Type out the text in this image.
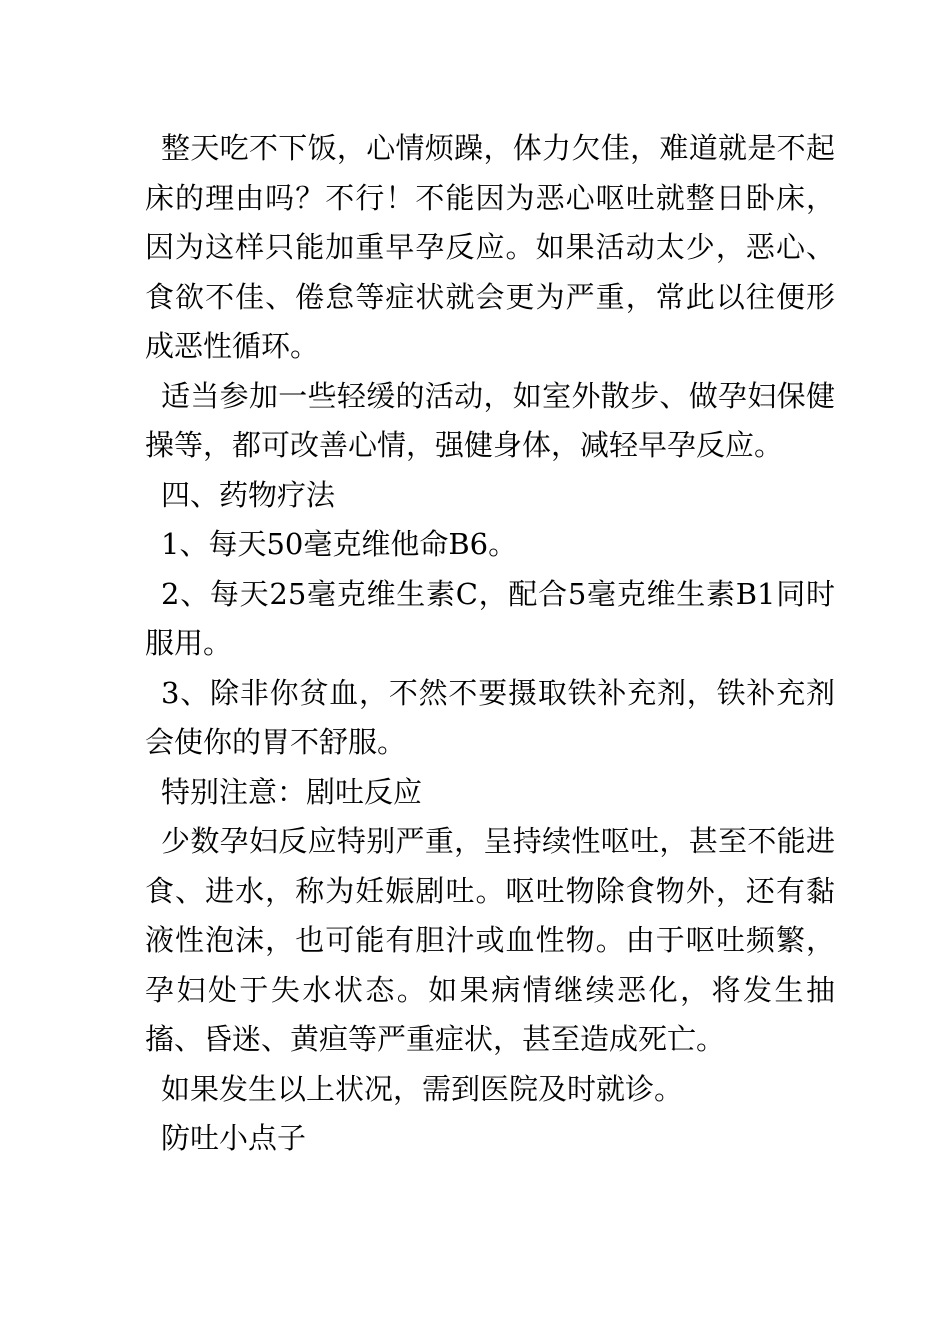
整天吃不下饭，心情烦躁，体力欠佳，难道就是不起床的理由吗？不行！不能因为恶心呕吐就整日卧床，因为这样只能加重早孕反应。如果活动太少，恶心、食欲不佳、倦怠等症状就会更为严重，常此以往便形成恶性循环。

适当参加一些轻缓的活动，如室外散步、做孕妇保健操等，都可改善心情，强健身体，减轻早孕反应。

四、药物疗法

1、每天50毫克维他命B6。

2、每天25毫克维生素C，配合5毫克维生素B1同时服用。

3、除非你贫血，不然不要摄取铁补充剂，铁补充剂会使你的胃不舒服。

特别注意：剧吐反应

少数孕妇反应特别严重，呈持续性呕吐，甚至不能进食、进水，称为妊娠剧吐。呕吐物除食物外，还有黏液性泡沫，也可能有胆汁或血性物。由于呕吐频繁，孕妇处于失水状态。如果病情继续恶化，将发生抽搐、昏迷、黄疸等严重症状，甚至造成死亡。

如果发生以上状况，需到医院及时就诊。

防吐小点子
